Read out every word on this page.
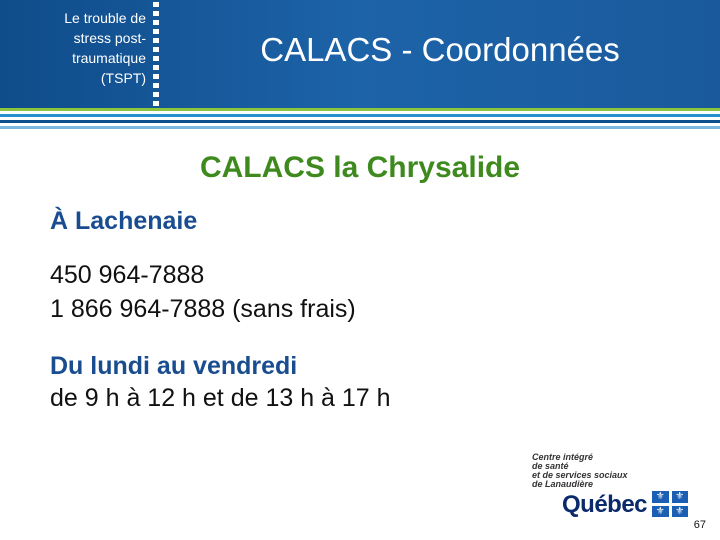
Le trouble de
stress post-
traumatique
(TSPT)
CALACS - Coordonnées
CALACS la Chrysalide
À Lachenaie
450 964-7888
1 866 964-7888 (sans frais)
Du lundi au vendredi
de 9 h à 12 h et de 13 h à 17 h
Centre intégré
de santé
et de services sociaux
de Lanaudière
Québec ⚜	⚜
⚜	⚜
67
